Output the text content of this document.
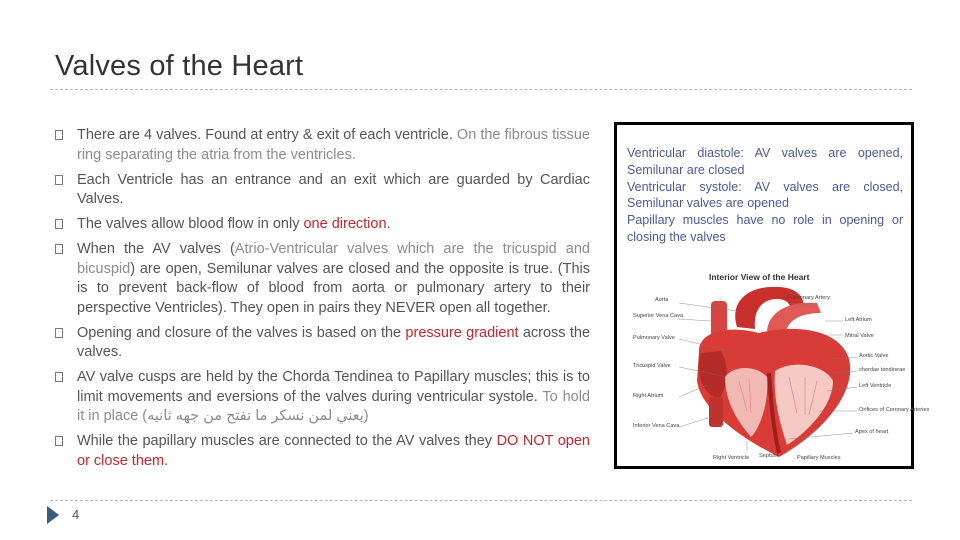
Valves of the Heart
There are 4 valves. Found at entry & exit of each ventricle. On the fibrous tissue ring separating the atria from the ventricles.
Each Ventricle has an entrance and an exit which are guarded by Cardiac Valves.
The valves allow blood flow in only one direction.
When the AV valves (Atrio-Ventricular valves which are the tricuspid and bicuspid) are open, Semilunar valves are closed and the opposite is true. (This is to prevent back-flow of blood from aorta or pulmonary artery to their perspective Ventricles). They open in pairs they NEVER open all together.
Opening and closure of the valves is based on the pressure gradient across the valves.
AV valve cusps are held by the Chorda Tendinea to Papillary muscles; this is to limit movements and eversions of the valves during ventricular systole. To hold it in place (يعني لمن نسكر ما تفتح من جهه ثانيه)
While the papillary muscles are connected to the AV valves they DO NOT open or close them.
Ventricular diastole: AV valves are opened, Semilunar are closed
Ventricular systole: AV valves are closed, Semilunar valves are opened
Papillary muscles have no role in opening or closing the valves
Interior View of the Heart
Aorta
Superior Vena Cava
Pulmonary Valve
Tricuspid Valve
Right Atrium
Inferior Vena Cava
Pulmonary Artery
Left Atrium
Mitral Valve
Aortic Valve
chordae tendineae
Left Ventricle
Orifices of Coronary Arteries
Apex of heart
Septum
Right Ventricle	Papillary Muscles
4
